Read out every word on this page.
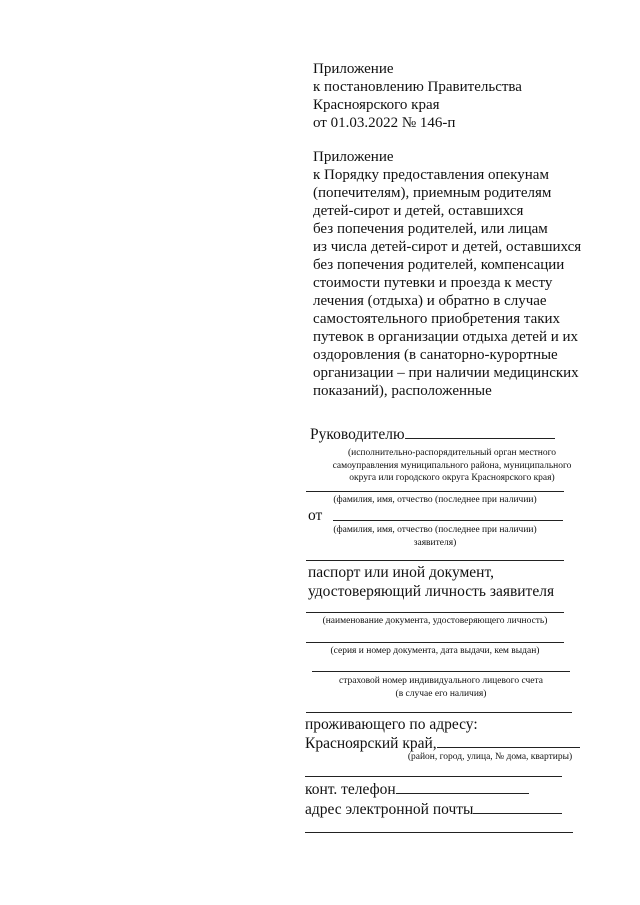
Приложение
к постановлению Правительства
Красноярского края
от 01.03.2022 № 146-п
Приложение
к Порядку предоставления опекунам
(попечителям), приемным родителям
детей-сирот и детей, оставшихся
без попечения родителей, или лицам
из числа детей-сирот и детей, оставшихся
без попечения родителей, компенсации
стоимости путевки и проезда к месту
лечения (отдыха) и обратно в случае
самостоятельного приобретения таких
путевок в организации отдыха детей и их
оздоровления (в санаторно-курортные
организации – при наличии медицинских
показаний), расположенные
Руководителю
(исполнительно-распорядительный орган местного
самоуправления муниципального района, муниципального
округа или городского округа Красноярского края)
(фамилия, имя, отчество (последнее при наличии)
от
(фамилия, имя, отчество (последнее при наличии)
заявителя)
паспорт или иной документ,
удостоверяющий личность заявителя
(наименование документа, удостоверяющего личность)
(серия и номер документа, дата выдачи, кем выдан)
страховой номер индивидуального лицевого счета
(в случае его наличия)
проживающего по адресу:
Красноярский край,
(район, город, улица, № дома, квартиры)
конт. телефон
адрес электронной почты
